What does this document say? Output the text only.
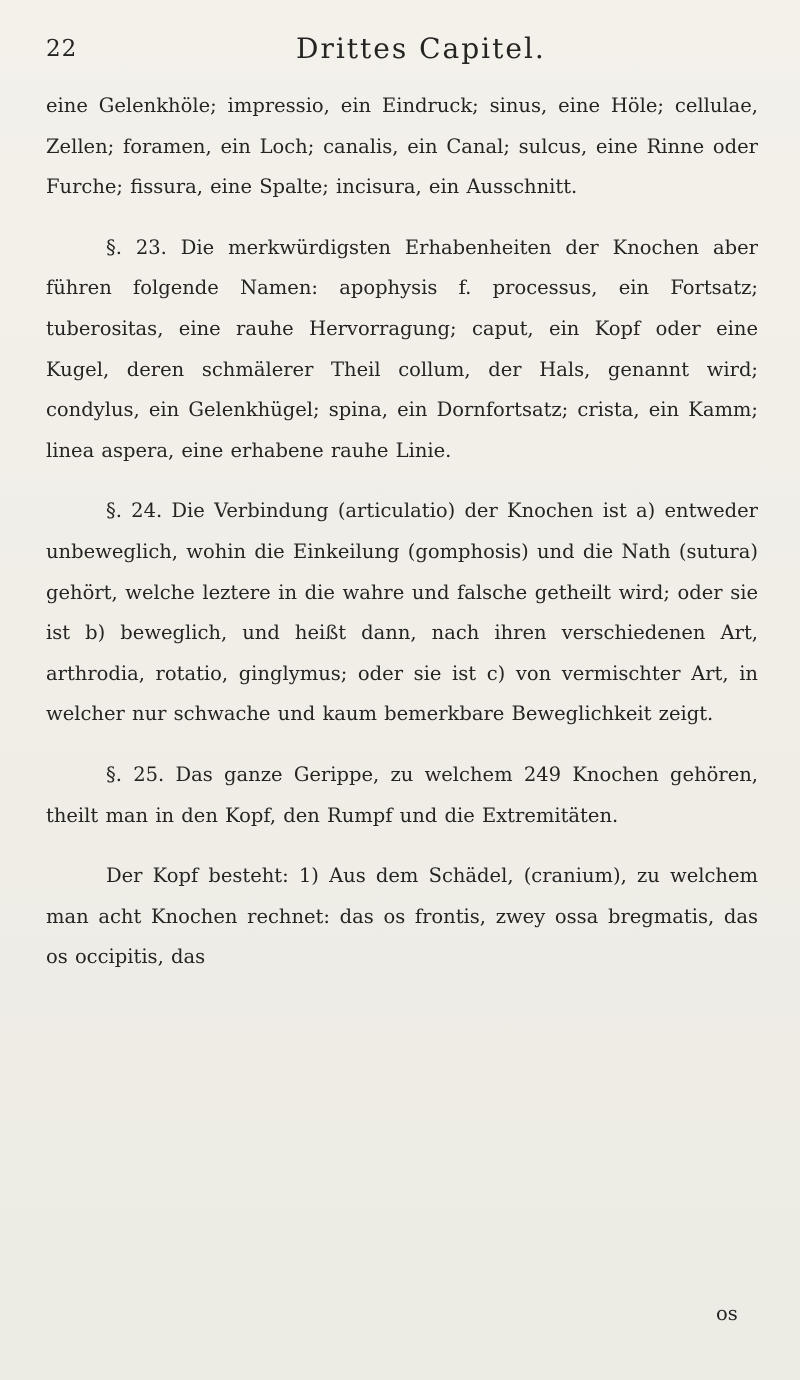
22	Drittes Capitel.

eine Gelenkhöle; impressio, ein Eindruck; sinus, eine Höle; cellulae, Zellen; foramen, ein Loch; canalis, ein Canal; sulcus, eine Rinne oder Furche; fissura, eine Spalte; incisura, ein Ausschnitt.

§. 23. Die merkwürdigsten Erhabenheiten der Knochen aber führen folgende Namen: apophysis f. processus, ein Fortsatz; tuberositas, eine rauhe Hervorragung; caput, ein Kopf oder eine Kugel, deren schmälerer Theil collum, der Hals, genannt wird; condylus, ein Gelenkhügel; spina, ein Dornfortsatz; crista, ein Kamm; linea aspera, eine erhabene rauhe Linie.

§. 24. Die Verbindung (articulatio) der Knochen ist a) entweder unbeweglich, wohin die Einkeilung (gomphosis) und die Nath (sutura) gehört, welche leztere in die wahre und falsche getheilt wird; oder sie ist b) beweglich, und heißt dann, nach ihren verschiedenen Art, arthrodia, rotatio, ginglymus; oder sie ist c) von vermischter Art, in welcher nur schwache und kaum bemerkbare Beweglichkeit zeigt.

§. 25. Das ganze Gerippe, zu welchem 249 Knochen gehören, theilt man in den Kopf, den Rumpf und die Extremitäten.

Der Kopf besteht: 1) Aus dem Schädel, (cranium), zu welchem man acht Knochen rechnet: das os frontis, zwey ossa bregmatis, das os occipitis, das

os
